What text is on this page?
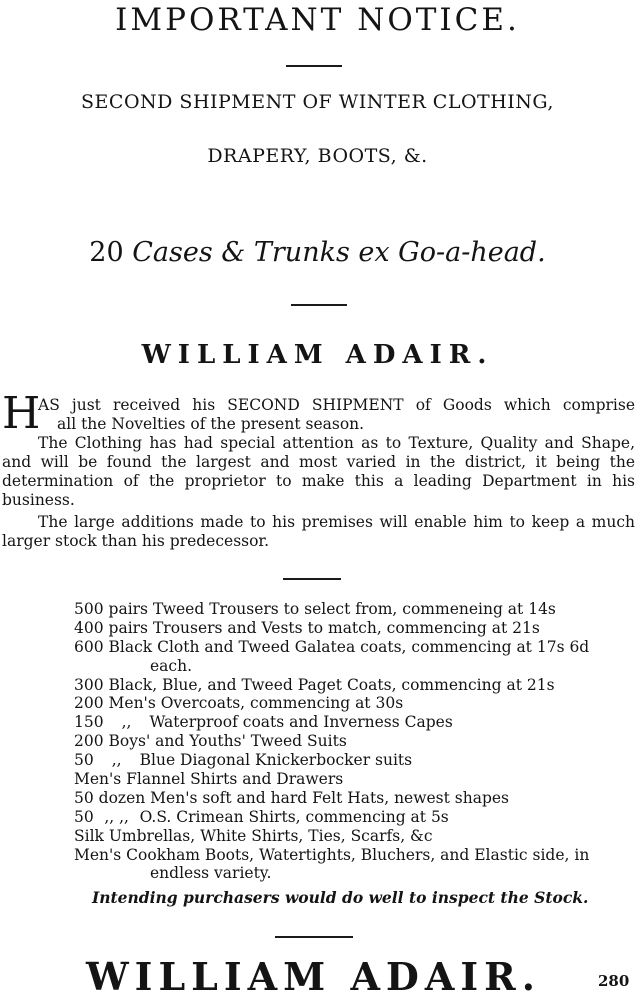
IMPORTANT NOTICE.
SECOND SHIPMENT OF WINTER CLOTHING,
DRAPERY, BOOTS, &.
20 Cases & Trunks ex Go-a-head.
WILLIAM ADAIR.
H
AS just received his SECOND SHIPMENT of Goods which comprise
all the Novelties of the present season.
The Clothing has had special attention as to Texture, Quality and Shape,
and will be found the largest and most varied in the district, it being the
determination of the proprietor to make this a leading Department in his
business.
The large additions made to his premises will enable him to keep a much
larger stock than his predecessor.
500 pairs Tweed Trousers to select from, commeneing at 14s
400 pairs Trousers and Vests to match, commencing at 21s
600 Black Cloth and Tweed Galatea coats, commencing at 17s 6d
each.
300 Black, Blue, and Tweed Paget Coats, commencing at 21s
200 Men's Overcoats, commencing at 30s
150 ,, Waterproof coats and Inverness Capes
200 Boys' and Youths' Tweed Suits
50 ,, Blue Diagonal Knickerbocker suits
Men's Flannel Shirts and Drawers
50 dozen Men's soft and hard Felt Hats, newest shapes
50 ,, ,, O.S. Crimean Shirts, commencing at 5s
Silk Umbrellas, White Shirts, Ties, Scarfs, &c
Men's Cookham Boots, Watertights, Bluchers, and Elastic side, in
endless variety.
Intending purchasers would do well to inspect the Stock.
WILLIAM ADAIR.	280
